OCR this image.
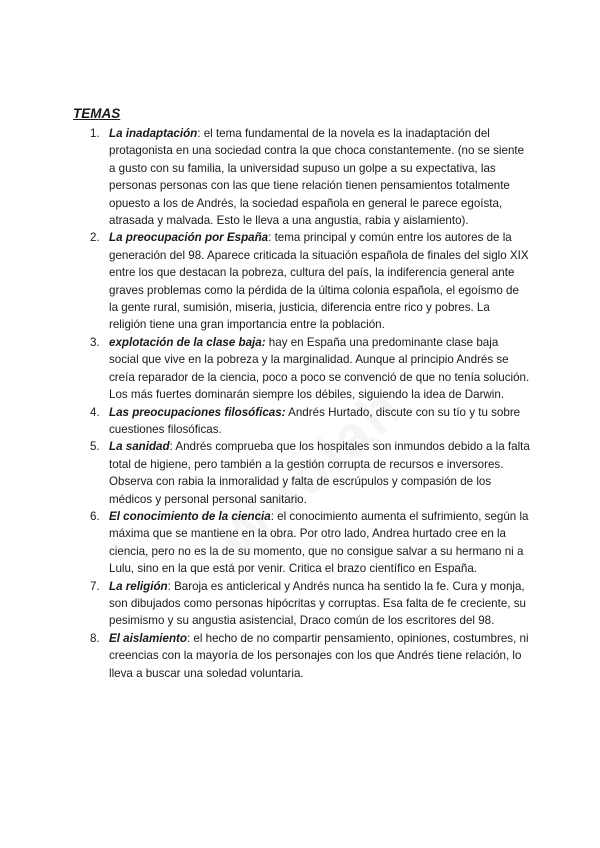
TEMAS
1. La inadaptación: el tema fundamental de la novela es la inadaptación del protagonista en una sociedad contra la que choca constantemente. (no se siente a gusto con su familia, la universidad supuso un golpe a su expectativa, las personas personas con las que tiene relación tienen pensamientos totalmente opuesto a los de Andrés, la sociedad española en general le parece egoísta, atrasada y malvada. Esto le lleva a una angustia, rabia y aislamiento).
2. La preocupación por España: tema principal y común entre los autores de la generación del 98. Aparece criticada la situación española de finales del siglo XIX entre los que destacan la pobreza, cultura del país, la indiferencia general ante graves problemas como la pérdida de la última colonia española, el egoísmo de la gente rural, sumisión, miseria, justicia, diferencia entre rico y pobres. La religión tiene una gran importancia entre la población.
3. explotación de la clase baja: hay en España una predominante clase baja social que vive en la pobreza y la marginalidad. Aunque al principio Andrés se creía reparador de la ciencia, poco a poco se convenció de que no tenía solución. Los más fuertes dominarán siempre los débiles, siguiendo la idea de Darwin.
4. Las preocupaciones filosóficas: Andrés Hurtado, discute con su tío y tu sobre cuestiones filosóficas.
5. La sanidad: Andrés comprueba que los hospitales son inmundos debido a la falta total de higiene, pero también a la gestión corrupta de recursos e inversores. Observa con rabia la inmoralidad y falta de escrúpulos y compasión de los médicos y personal personal sanitario.
6. El conocimiento de la ciencia: el conocimiento aumenta el sufrimiento, según la máxima que se mantiene en la obra. Por otro lado, Andrea hurtado cree en la ciencia, pero no es la de su momento, que no consigue salvar a su hermano ni a Lulu, sino en la que está por venir. Critica el brazo científico en España.
7. La religión: Baroja es anticlerical y Andrés nunca ha sentido la fe. Cura y monja, son dibujados como personas hipócritas y corruptas. Esa falta de fe creciente, su pesimismo y su angustia asistencial, Draco común de los escritores del 98.
8. El aislamiento: el hecho de no compartir pensamiento, opiniones, costumbres, ni creencias con la mayoría de los personajes con los que Andrés tiene relación, lo lleva a buscar una soledad voluntaria.
